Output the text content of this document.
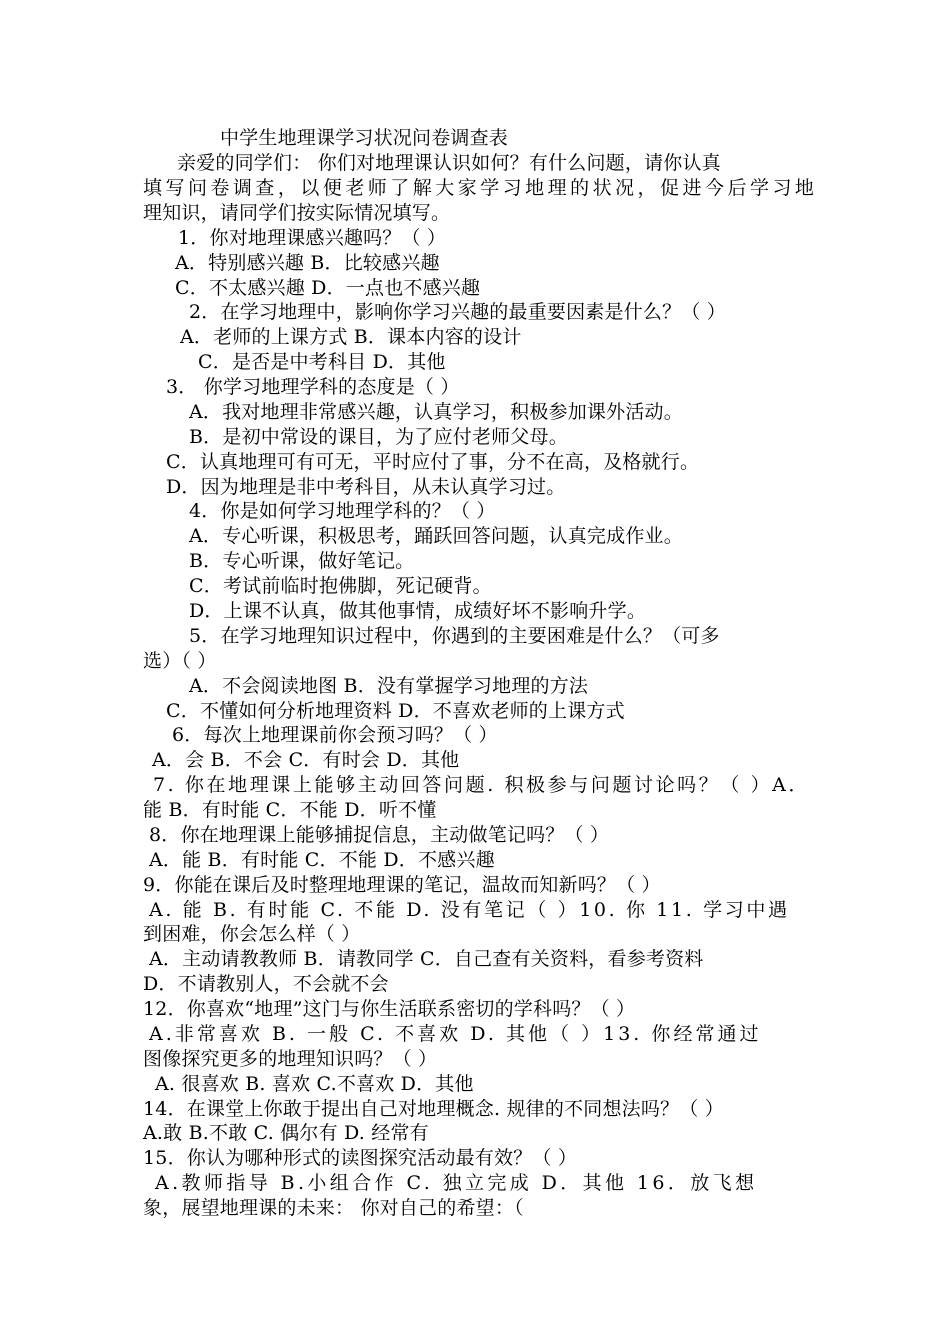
中学生地理课学习状况问卷调查表
亲爱的同学们： 你们对地理课认识如何？有什么问题，请你认真
填写问卷调查，以便老师了解大家学习地理的状况，促进今后学习地
理知识，请同学们按实际情况填写。
1．你对地理课感兴趣吗？（ ）
A．特别感兴趣 B．比较感兴趣
C．不太感兴趣 D．一点也不感兴趣
2．在学习地理中，影响你学习兴趣的最重要因素是什么？（ ）
A．老师的上课方式 B．课本内容的设计
C．是否是中考科目 D．其他
3． 你学习地理学科的态度是（ ）
A．我对地理非常感兴趣，认真学习，积极参加课外活动。
B．是初中常设的课目，为了应付老师父母。
C．认真地理可有可无，平时应付了事，分不在高，及格就行。
D．因为地理是非中考科目，从未认真学习过。
4．你是如何学习地理学科的？（ ）
A．专心听课，积极思考，踊跃回答问题，认真完成作业。
B．专心听课，做好笔记。
C．考试前临时抱佛脚，死记硬背。
D．上课不认真，做其他事情，成绩好坏不影响升学。
5．在学习地理知识过程中，你遇到的主要困难是什么？（可多
选）（ ）
A．不会阅读地图 B．没有掌握学习地理的方法
C．不懂如何分析地理资料 D．不喜欢老师的上课方式
6．每次上地理课前你会预习吗？（ ）
A．会 B．不会 C．有时会 D．其他
7. 你在地理课上能够主动回答问题. 积极参与问题讨论吗？（ ）A．
能 B．有时能 C．不能 D．听不懂
8．你在地理课上能够捕捉信息，主动做笔记吗？（ ）
A．能 B．有时能 C．不能 D．不感兴趣
9．你能在课后及时整理地理课的笔记，温故而知新吗？（ ）
A. 能 B. 有时能 C. 不能 D. 没有笔记（ ）10. 你 11. 学习中遇
到困难，你会怎么样（ ）
A．主动请教教师 B．请教同学 C．自己查有关资料，看参考资料
D．不请教别人，不会就不会
12．你喜欢“地理”这门与你生活联系密切的学科吗？（ ）
A.非常喜欢 B. 一般 C. 不喜欢 D. 其他（ ）13. 你经常通过
图像探究更多的地理知识吗？（ ）
A. 很喜欢 B. 喜欢 C.不喜欢 D．其他
14．在课堂上你敢于提出自己对地理概念. 规律的不同想法吗？（ ）
A.敢 B.不敢 C. 偶尔有 D. 经常有
15．你认为哪种形式的读图探究活动最有效？（ ）
A.教师指导 B.小组合作 C. 独立完成 D．其他 16．放飞想
象，展望地理课的未来： 你对自己的希望：（
